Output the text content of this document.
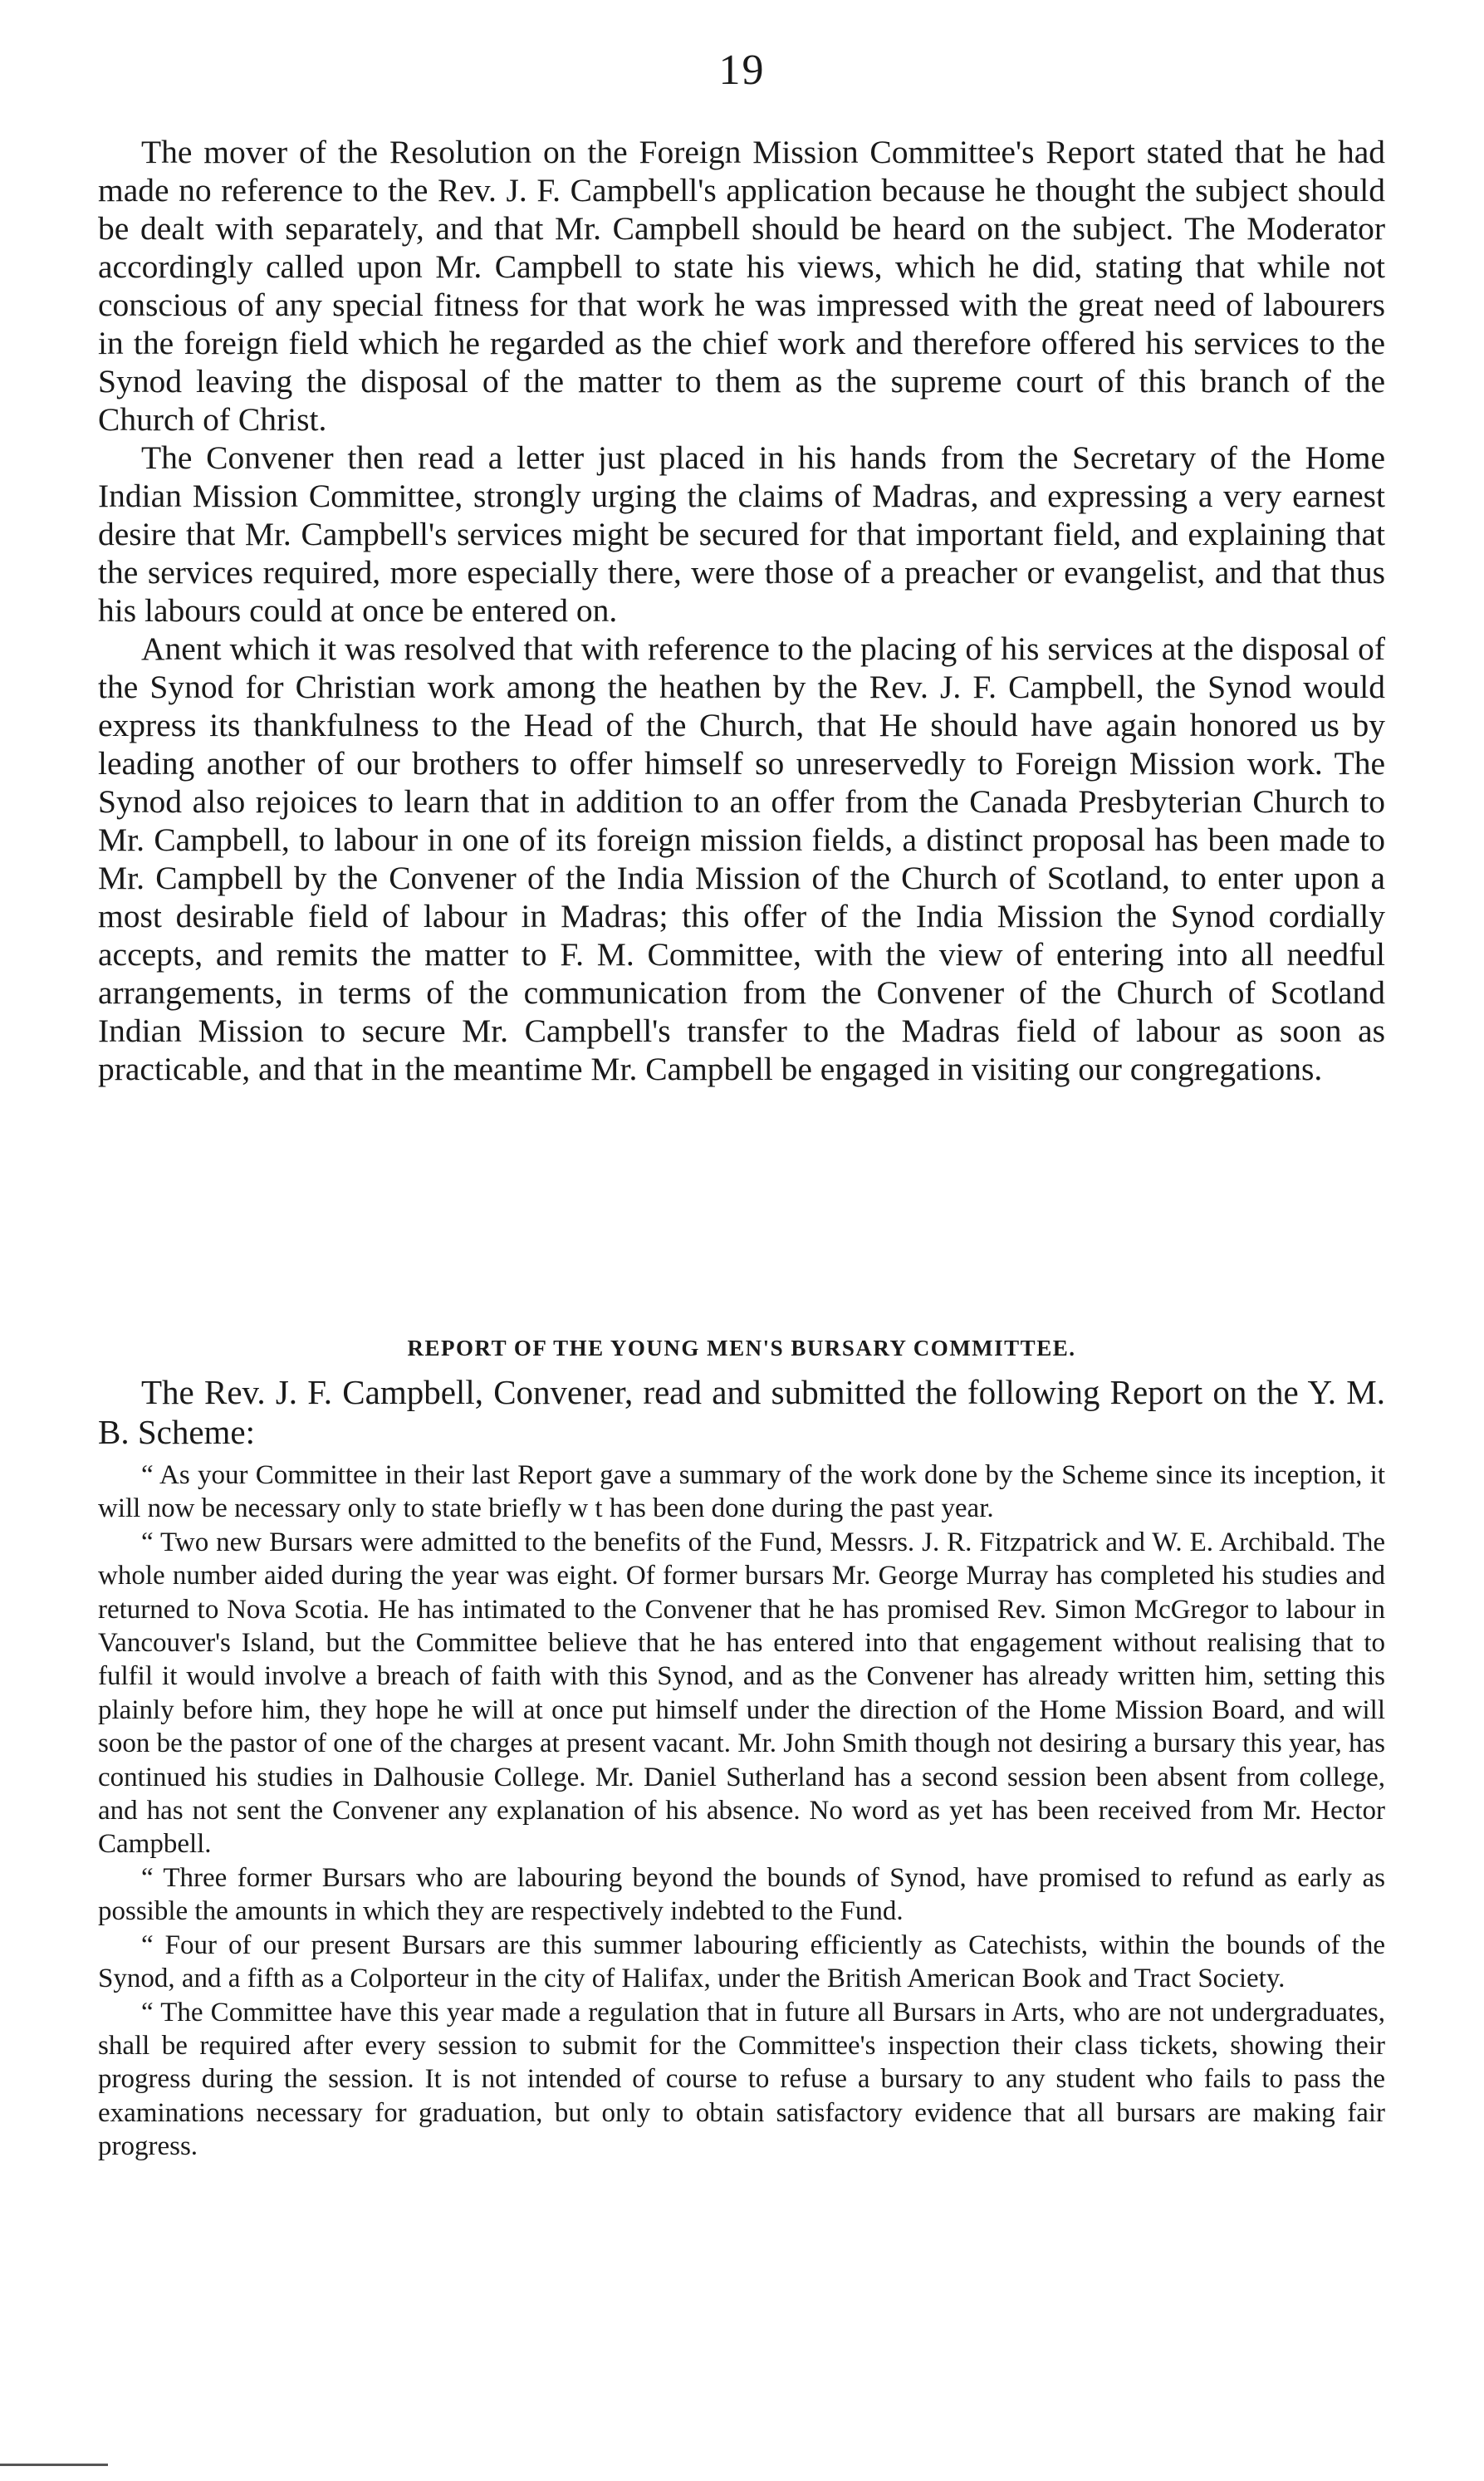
19

The mover of the Resolution on the Foreign Mission Committee's Report stated that he had made no reference to the Rev. J. F. Campbell's application because he thought the subject should be dealt with separately, and that Mr. Campbell should be heard on the subject. The Moderator accordingly called upon Mr. Campbell to state his views, which he did, stating that while not conscious of any special fitness for that work he was impressed with the great need of labourers in the foreign field which he regarded as the chief work and therefore offered his services to the Synod leaving the disposal of the matter to them as the supreme court of this branch of the Church of Christ.

The Convener then read a letter just placed in his hands from the Secretary of the Home Indian Mission Committee, strongly urging the claims of Madras, and expressing a very earnest desire that Mr. Campbell's services might be secured for that important field, and explaining that the services required, more especially there, were those of a preacher or evangelist, and that thus his labours could at once be entered on.

Anent which it was resolved that with reference to the placing of his services at the disposal of the Synod for Christian work among the heathen by the Rev. J. F. Campbell, the Synod would express its thankfulness to the Head of the Church, that He should have again honored us by leading another of our brothers to offer himself so unreservedly to Foreign Mission work. The Synod also rejoices to learn that in addition to an offer from the Canada Presbyterian Church to Mr. Campbell, to labour in one of its foreign mission fields, a distinct proposal has been made to Mr. Campbell by the Convener of the India Mission of the Church of Scotland, to enter upon a most desirable field of labour in Madras; this offer of the India Mission the Synod cordially accepts, and remits the matter to F. M. Committee, with the view of entering into all needful arrangements, in terms of the communication from the Convener of the Church of Scotland Indian Mission to secure Mr. Campbell's transfer to the Madras field of labour as soon as practicable, and that in the meantime Mr. Campbell be engaged in visiting our congregations.

REPORT OF THE YOUNG MEN'S BURSARY COMMITTEE.

The Rev. J. F. Campbell, Convener, read and submitted the following Report on the Y. M. B. Scheme:

“ As your Committee in their last Report gave a summary of the work done by the Scheme since its inception, it will now be necessary only to state briefly w t has been done during the past year.

“ Two new Bursars were admitted to the benefits of the Fund, Messrs. J. R. Fitzpatrick and W. E. Archibald. The whole number aided during the year was eight. Of former bursars Mr. George Murray has completed his studies and returned to Nova Scotia. He has intimated to the Convener that he has promised Rev. Simon McGregor to labour in Vancouver's Island, but the Committee believe that he has entered into that engagement without realising that to fulfil it would involve a breach of faith with this Synod, and as the Convener has already written him, setting this plainly before him, they hope he will at once put himself under the direction of the Home Mission Board, and will soon be the pastor of one of the charges at present vacant. Mr. John Smith though not desiring a bursary this year, has continued his studies in Dalhousie College. Mr. Daniel Sutherland has a second session been absent from college, and has not sent the Convener any explanation of his absence. No word as yet has been received from Mr. Hector Campbell.

“ Three former Bursars who are labouring beyond the bounds of Synod, have promised to refund as early as possible the amounts in which they are respectively indebted to the Fund.

“ Four of our present Bursars are this summer labouring efficiently as Catechists, within the bounds of the Synod, and a fifth as a Colporteur in the city of Halifax, under the British American Book and Tract Society.

“ The Committee have this year made a regulation that in future all Bursars in Arts, who are not undergraduates, shall be required after every session to submit for the Committee's inspection their class tickets, showing their progress during the session. It is not intended of course to refuse a bursary to any student who fails to pass the examinations necessary for graduation, but only to obtain satisfactory evidence that all bursars are making fair progress.
